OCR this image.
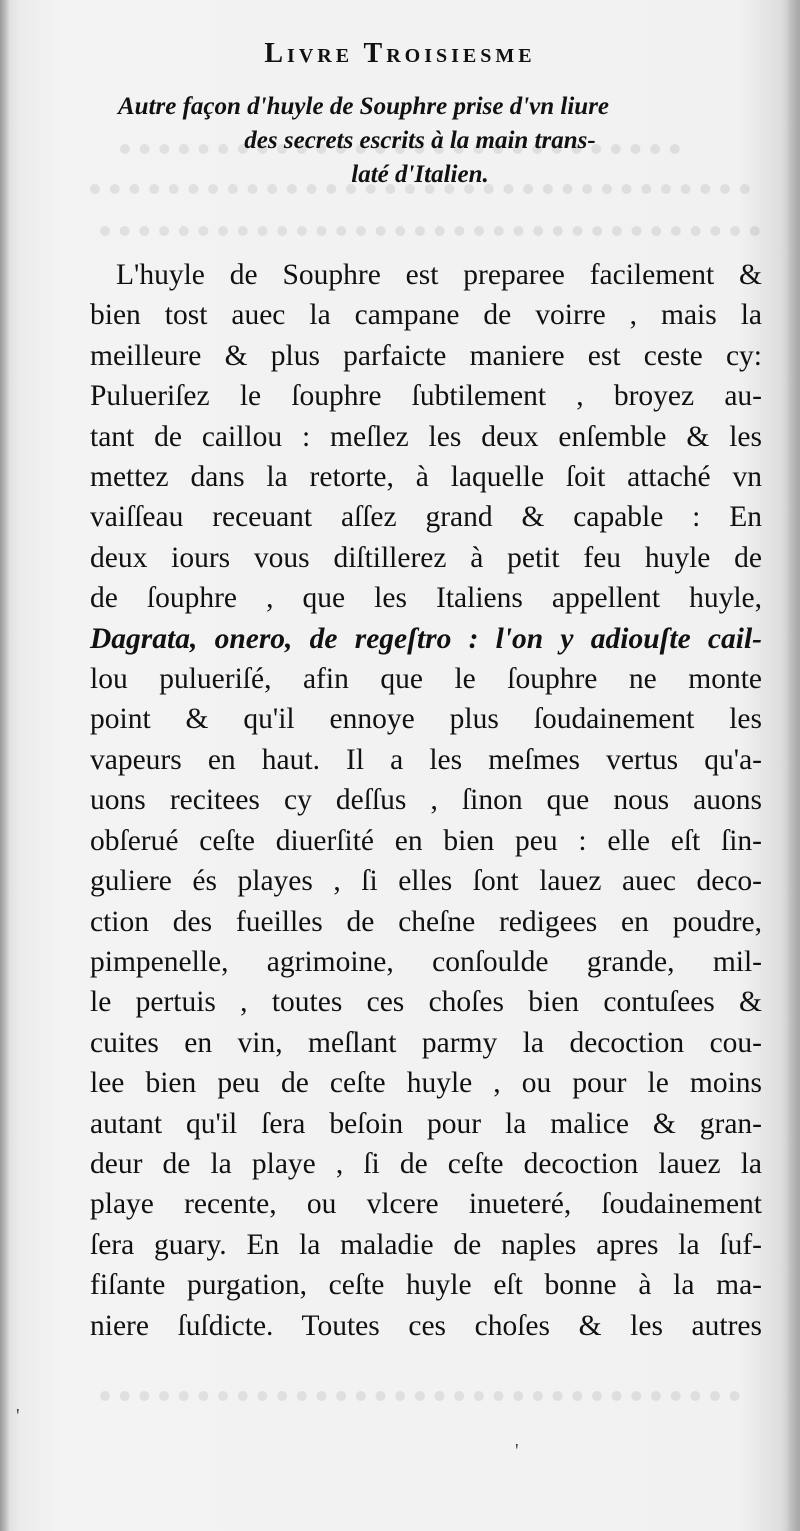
Livre Troisiesme
Autre façon d'huyle de Souphre prise d'vn liure
des secrets escrits à la main trans-
laté d'Italien.
L'huyle de Souphre est preparee facilement &
bien tost auec la campane de voirre , mais la
meilleure & plus parfaicte maniere est ceste cy:
Pulueriſez le ſouphre ſubtilement , broyez au-
tant de caillou : meſlez les deux enſemble & les
mettez dans la retorte, à laquelle ſoit attaché vn
vaiſſeau receuant aſſez grand & capable : En
deux iours vous diſtillerez à petit feu huyle de
de ſouphre , que les Italiens appellent huyle,
Dagrata, onero, de regeſtro : l'on y adiouſte cail-
lou pulueriſé, afin que le ſouphre ne monte
point & qu'il ennoye plus ſoudainement les
vapeurs en haut. Il a les meſmes vertus qu'a-
uons recitees cy deſſus , ſinon que nous auons
obſerué ceſte diuerſité en bien peu : elle eſt ſin-
guliere és playes , ſi elles ſont lauez auec deco-
ction des fueilles de cheſne redigees en poudre,
pimpenelle, agrimoine, conſoulde grande, mil-
le pertuis , toutes ces choſes bien contuſees &
cuites en vin, meſlant parmy la decoction cou-
lee bien peu de ceſte huyle , ou pour le moins
autant qu'il ſera beſoin pour la malice & gran-
deur de la playe , ſi de ceſte decoction lauez la
playe recente, ou vlcere inueteré, ſoudainement
ſera guary. En la maladie de naples apres la ſuf-
fiſante purgation, ceſte huyle eſt bonne à la ma-
niere ſuſdicte. Toutes ces choſes & les autres
'
'
